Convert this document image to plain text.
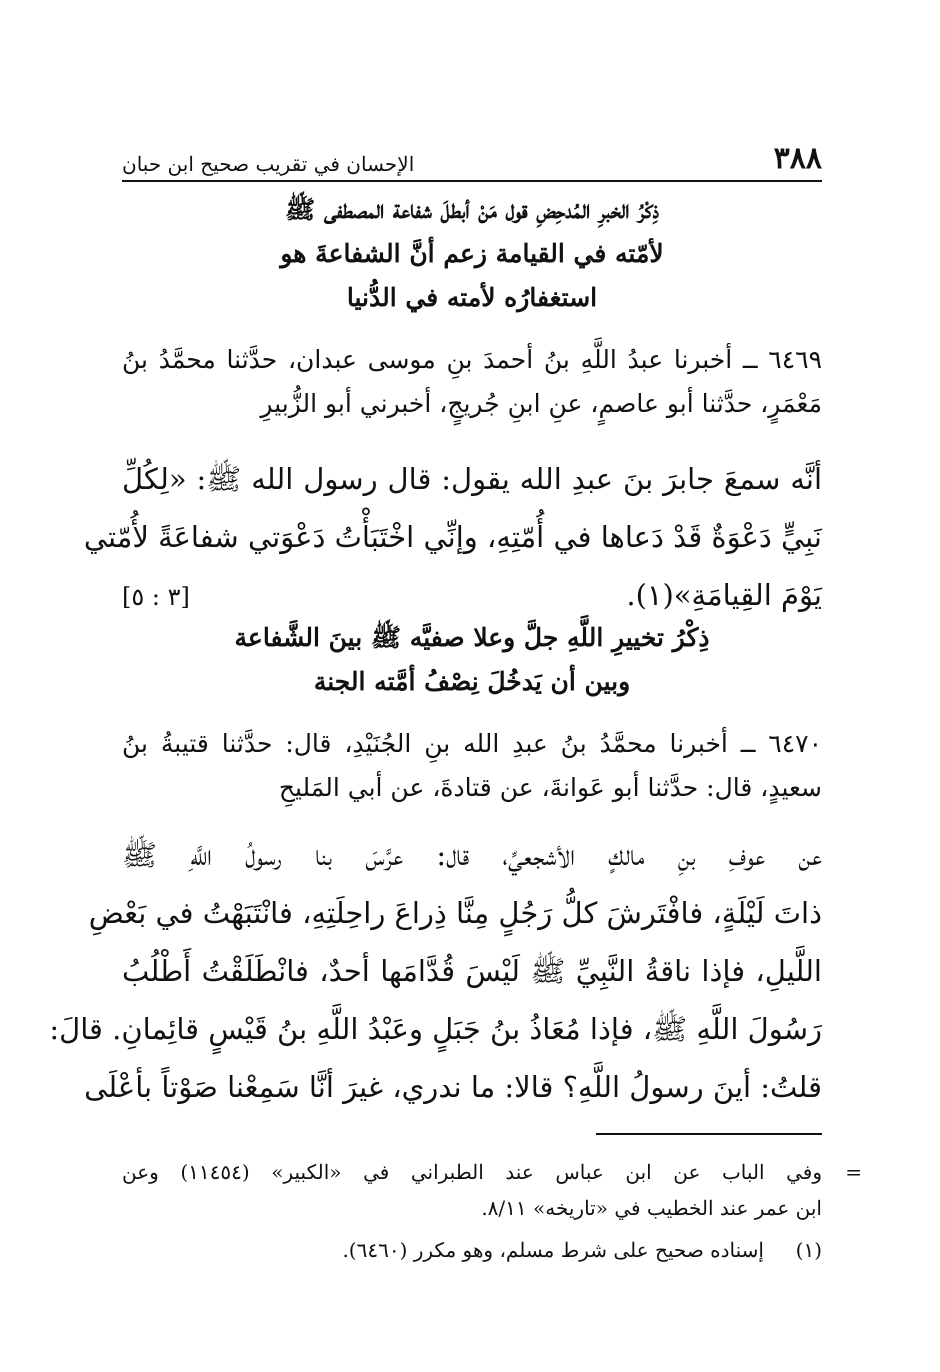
٣٨٨
الإحسان في تقريب صحيح ابن حبان
ذِكْرُ الخبرِ المُدحِضِ قول مَنْ أبطلَ شفاعة المصطفى ﷺ
لأمّته في القيامة زعم أنَّ الشفاعةَ هو
استغفارُه لأمته في الدُّنيا
٦٤٦٩ ــ أخبرنا عبدُ اللَّهِ بنُ أحمدَ بنِ موسى عبدان، حدَّثنا محمَّدُ بنُ
مَعْمَرٍ، حدَّثنا أبو عاصمٍ، عنِ ابنِ جُريجٍ، أخبرني أبو الزُّبيرِ
أنَّه سمعَ جابرَ بنَ عبدِ الله يقول: قال رسول الله ﷺ: «لِكُلِّ
نَبِيٍّ دَعْوَةٌ قَدْ دَعاها في أُمّتِهِ، وإنِّي اخْتَبَأْتُ دَعْوَتي شفاعَةً لأُمّتي
يَوْمَ القِيامَةِ»(١).
[٣ : ٥]
ذِكْرُ تخييرِ اللَّهِ جلَّ وعلا صفيَّه ﷺ بينَ الشَّفاعة
وبين أن يَدخُلَ نِصْفُ أمَّته الجنة
٦٤٧٠ ــ أخبرنا محمَّدُ بنُ عبدِ الله بنِ الجُنَيْدِ، قال: حدَّثنا قتيبةُ بنُ
سعيدٍ، قال: حدَّثنا أبو عَوانةَ، عن قتادةَ، عن أبي المَليحِ
عن عوفِ بنِ مالكٍ الأشجعيِّ، قال: عرَّسَ بنا رسولُ اللَّهِ ﷺ
ذاتَ لَيْلَةٍ، فافْتَرشَ كلُّ رَجُلٍ مِنَّا ذِراعَ راحِلَتِهِ، فانْتَبَهْتُ في بَعْضِ
اللَّيلِ، فإذا ناقةُ النَّبِيِّ ﷺ لَيْسَ قُدَّامَها أحدٌ، فانْطَلَقْتُ أَطْلُبُ
رَسُولَ اللَّهِ ﷺ، فإذا مُعَاذُ بنُ جَبَلٍ وعَبْدُ اللَّهِ بنُ قَيْسٍ قائِمانِ. قالَ:
قلتُ: أينَ رسولُ اللَّهِ؟ قالا: ما ندري، غيرَ أنَّا سَمِعْنا صَوْتاً بأعْلَى
=
وفي الباب عن ابن عباس عند الطبراني في «الكبير» (١١٤٥٤) وعن
ابن عمر عند الخطيب في «تاريخه» ٨/١١.
(١)إسناده صحيح على شرط مسلم، وهو مكرر (٦٤٦٠).
